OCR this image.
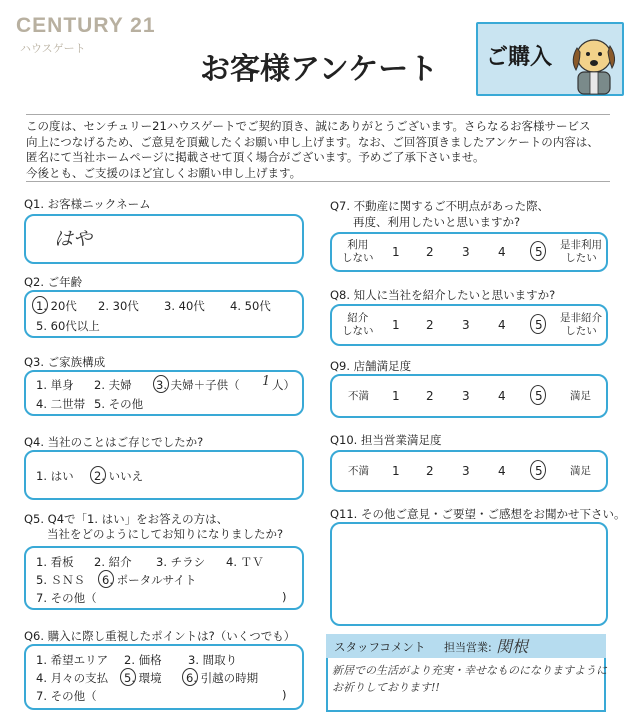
CENTURY 21
ハウスゲート
お客様アンケート ご購入
この度は、センチュリー21ハウスゲートでご契約頂き、誠にありがとうございます。さらなるお客様サービス
向上につなげるため、ご意見を頂戴したくお願い申し上げます。なお、ご回答頂きましたアンケートの内容は、
匿名にて当社ホームページに掲載させて頂く場合がございます。予めご了承下さいませ。
今後とも、ご支援のほど宜しくお願い申し上げます。
Q1. お客様ニックネーム
はや
Q2. ご年齢
1. 20代 2. 30代 3. 40代 4. 50代
5. 60代以上
Q3. ご家族構成
1. 単身 2. 夫婦 3. 夫婦＋子供（ 1 人）
4. 二世帯 5. その他
Q4. 当社のことはご存じでしたか?
1. はい 2. いいえ
Q5. Q4で「1. はい」をお答えの方は、
　　当社をどのようにしてお知りになりましたか?
1. 看板 2. 紹介 3. チラシ 4. ＴＶ
5. ＳＮＳ 6. ポータルサイト
7. その他（	)
Q6. 購入に際し重視したポイントは?（いくつでも）
1. 希望エリア 2. 価格 3. 間取り
4. 月々の支払 5. 環境 6. 引越の時期
7. その他（	)
Q7. 不動産に関するご不明点があった際、
　　再度、利用したいと思いますか?
利用
しない 1 2 3 4 5 是非利用
したい
Q8. 知人に当社を紹介したいと思いますか?
紹介
しない 1 2 3 4 5 是非紹介
したい
Q9. 店舗満足度
不満 1 2 3 4 5	満足
Q10. 担当営業満足度
不満 1 2 3 4 5	満足
Q11. その他ご意見・ご要望・ご感想をお聞かせ下さい。
スタッフコメント 担当営業: 関根
新居での生活がより充実・幸せなものになりますように
お祈りしております!!
